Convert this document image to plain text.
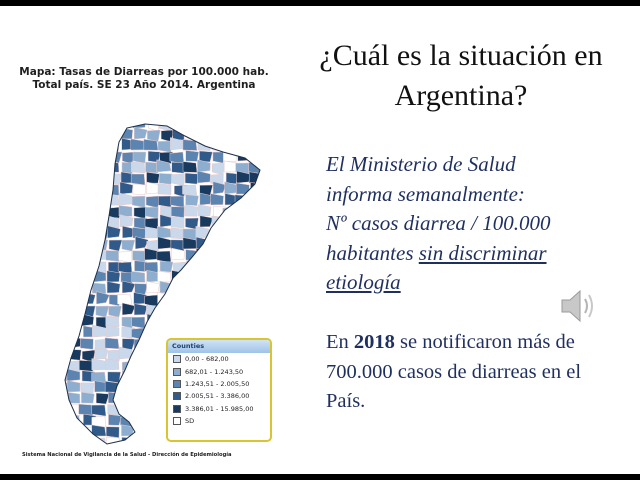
Mapa: Tasas de Diarreas por 100.000 hab.
Total país. SE 23 Año 2014. Argentina
Counties
0,00 - 682,00
682,01 - 1.243,50
1.243,51 - 2.005,50
2.005,51 - 3.386,00
3.386,01 - 15.985,00
SD
Sistema Nacional de Vigilancia de la Salud - Dirección de Epidemiología
¿Cuál es la situación en
Argentina?
El Ministerio de Salud
informa semanalmente:
Nº casos diarrea / 100.000
habitantes sin discriminar
etiología
En 2018 se notificaron más de 700.000 casos de diarreas en el País.
